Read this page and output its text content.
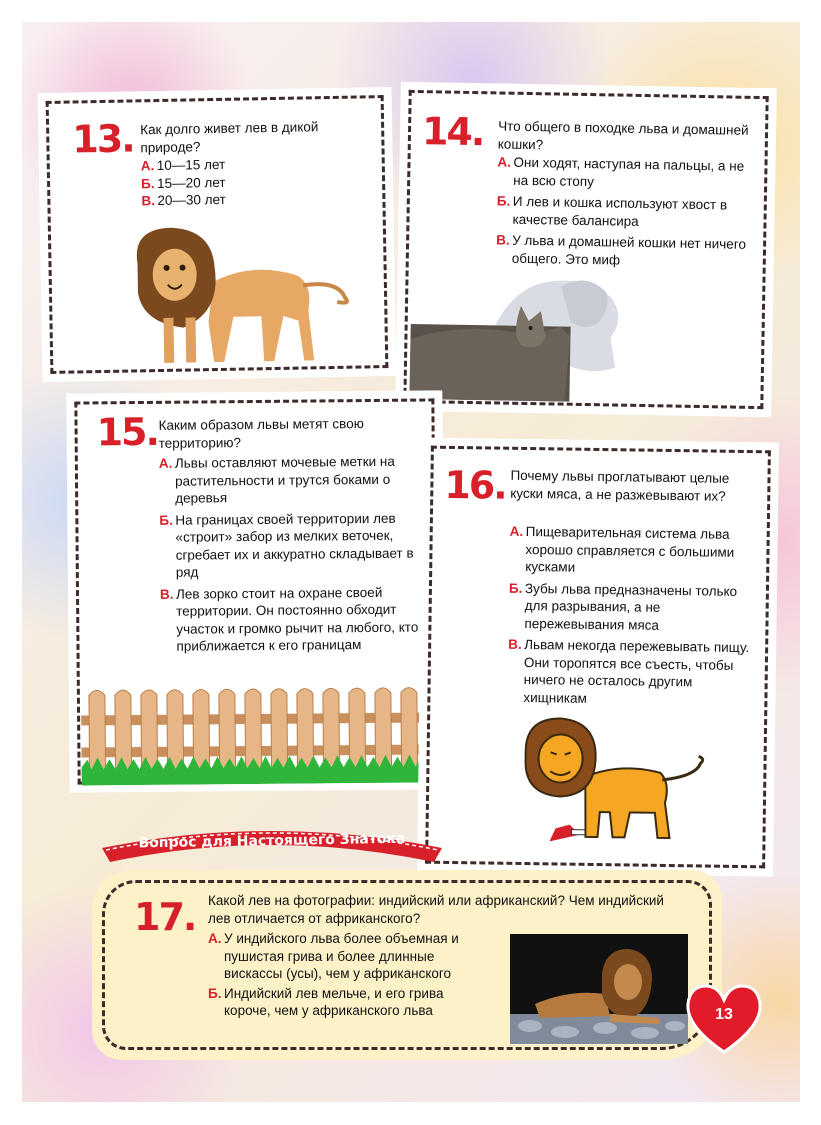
13. Как долго живет лев в дикой природе?
А. 10—15 лет
Б. 15—20 лет
В. 20—30 лет
14. Что общего в походке льва и домашней кошки?
А. Они ходят, наступая на пальцы, а не на всю стопу
Б. И лев и кошка используют хвост в качестве балансира
В. У льва и домашней кошки нет ничего общего. Это миф
15. Каким образом львы метят свою территорию?
А. Львы оставляют мочевые метки на растительности и трутся боками о деревья
Б. На границах своей территории лев «строит» забор из мелких веточек, сгребает их и аккуратно складывает в ряд
В. Лев зорко стоит на охране своей территории. Он постоянно обходит участок и громко рычит на любого, кто приближается к его границам
16. Почему львы проглатывают целые куски мяса, а не разжевывают их?
А. Пищеварительная система льва хорошо справляется с большими кусками
Б. Зубы льва предназначены только для разрывания, а не пережевывания мяса
В. Львам некогда пережевывать пищу. Они торопятся все съесть, чтобы ничего не осталось другим хищникам
Вопрос для Настоящего Знатока
17. Какой лев на фотографии: индийский или африканский? Чем индийский лев отличается от африканского?
А. У индийского льва более объемная и пушистая грива и более длинные вискассы (усы), чем у африканского
Б. Индийский лев мельче, и его грива короче, чем у африканского льва	13
